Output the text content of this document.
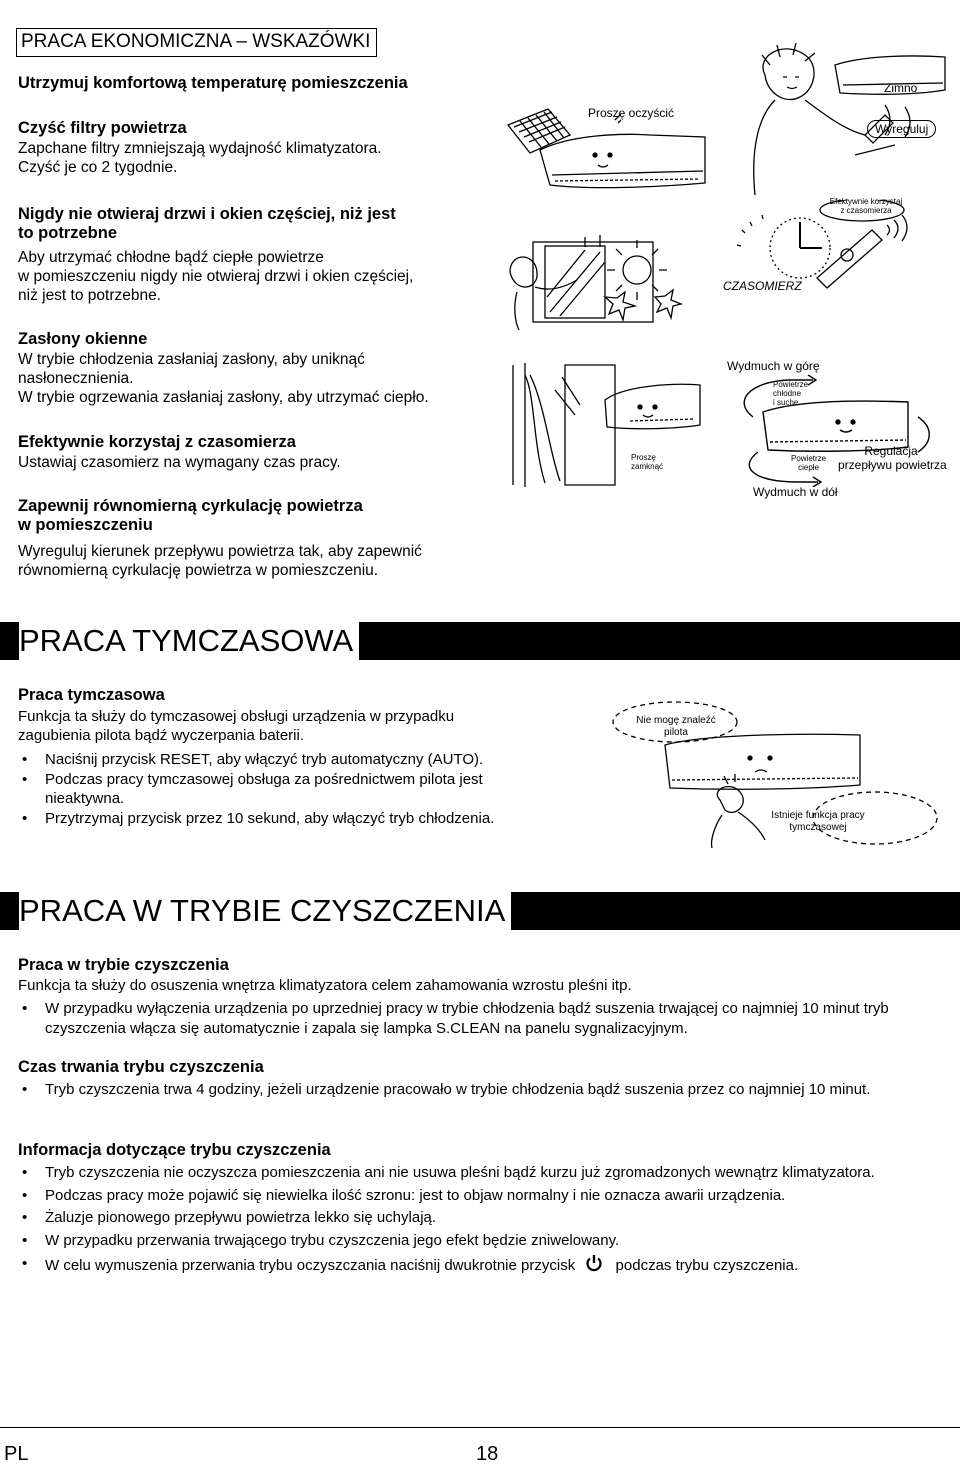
PRACA EKONOMICZNA – WSKAZÓWKI
Utrzymuj komfortową temperaturę pomieszczenia
Czyść filtry powietrza

Zapchane filtry zmniejszają wydajność klimatyzatora.

Czyść je co 2 tygodnie.

Nigdy nie otwieraj drzwi i okien częściej, niż jest
to potrzebne

Aby utrzymać chłodne bądź ciepłe powietrze

w pomieszczeniu nigdy nie otwieraj drzwi i okien częściej,

niż jest to potrzebne.

Zasłony okienne

W trybie chłodzenia zasłaniaj zasłony, aby uniknąć

nasłonecznienia.

W trybie ogrzewania zasłaniaj zasłony, aby utrzymać ciepło.

Efektywnie korzystaj z czasomierza
Ustawiaj czasomierz na wymagany czas pracy.
Zapewnij równomierną cyrkulację powietrza
w pomieszczeniu

Wyreguluj kierunek przepływu powietrza tak, aby zapewnić

równomierną cyrkulację powietrza w pomieszczeniu.

Proszę oczyścić
Zimno
Wyreguluj
Efektywnie korzystaj
z czasomierza
CZASOMIERZ
Proszę
zamknąć
Wydmuch w górę
Powietrze
chłodne
i suche
Powietrze
ciepłe
Wydmuch w dół
Regulacja
przepływu powietrza
PRACA TYMCZASOWA
Praca tymczasowa

Funkcja ta służy do tymczasowej obsługi urządzenia w przypadku

zagubienia pilota bądź wyczerpania baterii.

• Naciśnij przycisk RESET, aby włączyć tryb automatyczny (AUTO).
• Podczas pracy tymczasowej obsługa za pośrednictwem pilota jest nieaktywna.
• Przytrzymaj przycisk przez 10 sekund, aby włączyć tryb chłodzenia.
Nie mogę znaleźć
pilota
Istnieje funkcja pracy
tymczasowej
PRACA W TRYBIE CZYSZCZENIA
Praca w trybie czyszczenia
Funkcja ta służy do osuszenia wnętrza klimatyzatora celem zahamowania wzrostu pleśni itp.
• W przypadku wyłączenia urządzenia po uprzedniej pracy w trybie chłodzenia bądź suszenia trwającej co najmniej 10 minut tryb czyszczenia włącza się automatycznie i zapala się lampka S.CLEAN na panelu sygnalizacyjnym.
Czas trwania trybu czyszczenia
• Tryb czyszczenia trwa 4 godziny, jeżeli urządzenie pracowało w trybie chłodzenia bądź suszenia przez co najmniej 10 minut.
Informacja dotyczące trybu czyszczenia
• Tryb czyszczenia nie oczyszcza pomieszczenia ani nie usuwa pleśni bądź kurzu już zgromadzonych wewnątrz klimatyzatora.
• Podczas pracy może pojawić się niewielka ilość szronu: jest to objaw normalny i nie oznacza awarii urządzenia.
• Żaluzje pionowego przepływu powietrza lekko się uchylają.
• W przypadku przerwania trwającego trybu czyszczenia jego efekt będzie zniwelowany.
• W celu wymuszenia przerwania trybu oczyszczania naciśnij dwukrotnie przycisk	podczas trybu czyszczenia.
PL	18
